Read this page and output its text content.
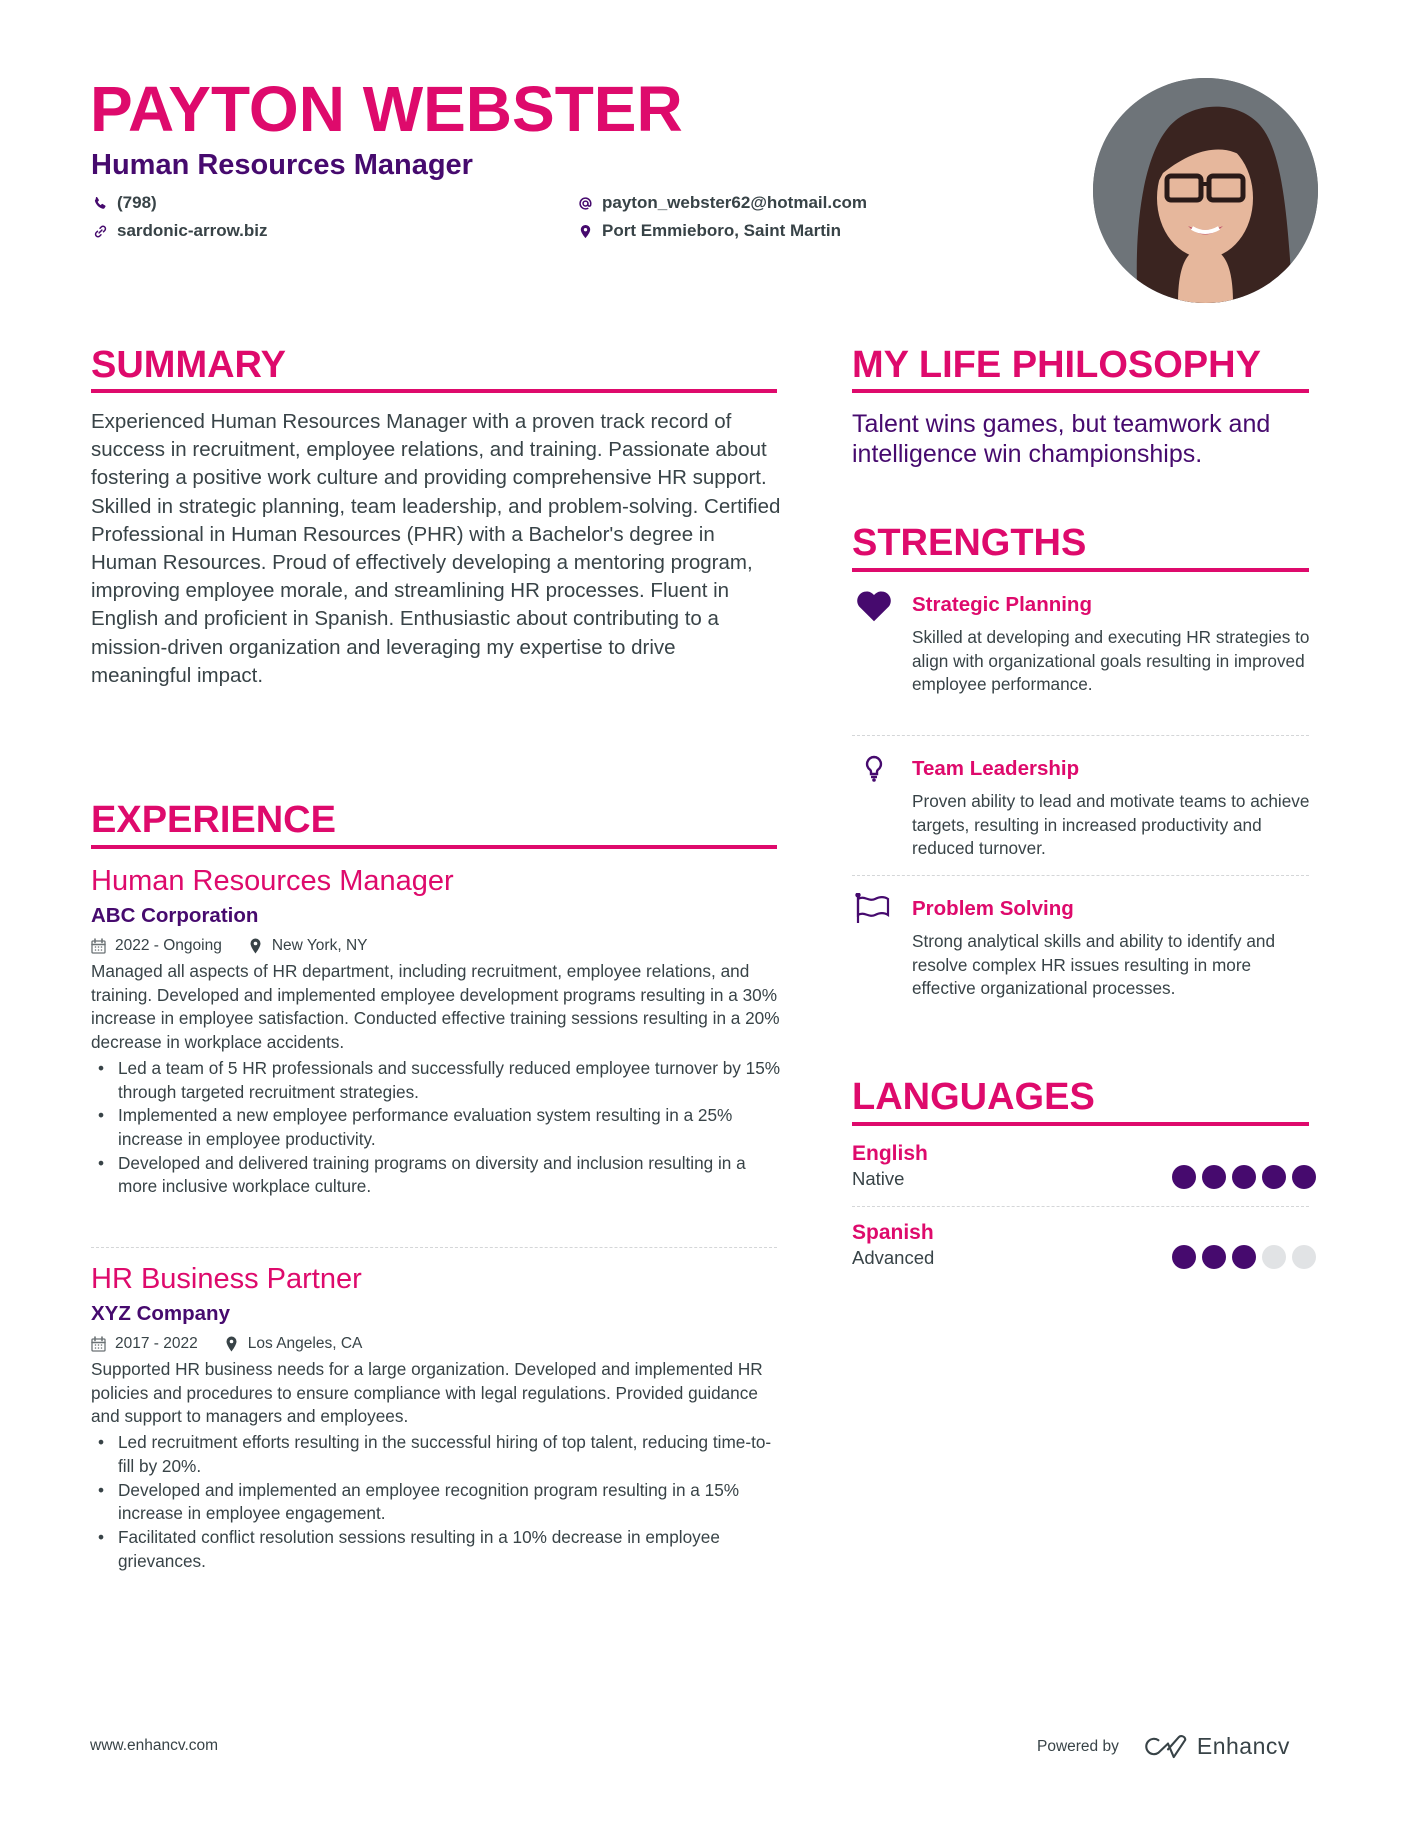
PAYTON WEBSTER
Human Resources Manager
(798)
sardonic-arrow.biz
payton_webster62@hotmail.com
Port Emmieboro, Saint Martin
SUMMARY
Experienced Human Resources Manager with a proven track record of success in recruitment, employee relations, and training. Passionate about fostering a positive work culture and providing comprehensive HR support. Skilled in strategic planning, team leadership, and problem-solving. Certified Professional in Human Resources (PHR) with a Bachelor's degree in Human Resources. Proud of effectively developing a mentoring program, improving employee morale, and streamlining HR processes. Fluent in English and proficient in Spanish. Enthusiastic about contributing to a mission-driven organization and leveraging my expertise to drive meaningful impact.
EXPERIENCE
Human Resources Manager
ABC Corporation
2022 - Ongoing	New York, NY
Managed all aspects of HR department, including recruitment, employee relations, and training. Developed and implemented employee development programs resulting in a 30% increase in employee satisfaction. Conducted effective training sessions resulting in a 20% decrease in workplace accidents.
• Led a team of 5 HR professionals and successfully reduced employee turnover by 15% through targeted recruitment strategies.
• Implemented a new employee performance evaluation system resulting in a 25% increase in employee productivity.
• Developed and delivered training programs on diversity and inclusion resulting in a more inclusive workplace culture.
HR Business Partner
XYZ Company
2017 - 2022	Los Angeles, CA
Supported HR business needs for a large organization. Developed and implemented HR policies and procedures to ensure compliance with legal regulations. Provided guidance and support to managers and employees.
• Led recruitment efforts resulting in the successful hiring of top talent, reducing time-to-fill by 20%.
• Developed and implemented an employee recognition program resulting in a 15% increase in employee engagement.
• Facilitated conflict resolution sessions resulting in a 10% decrease in employee grievances.
MY LIFE PHILOSOPHY
Talent wins games, but teamwork and intelligence win championships.
STRENGTHS
Strategic Planning
Skilled at developing and executing HR strategies to align with organizational goals resulting in improved employee performance.
Team Leadership
Proven ability to lead and motivate teams to achieve targets, resulting in increased productivity and reduced turnover.
Problem Solving
Strong analytical skills and ability to identify and resolve complex HR issues resulting in more effective organizational processes.
LANGUAGES
English
Native
Spanish
Advanced
www.enhancv.com	Powered by	Enhancv
